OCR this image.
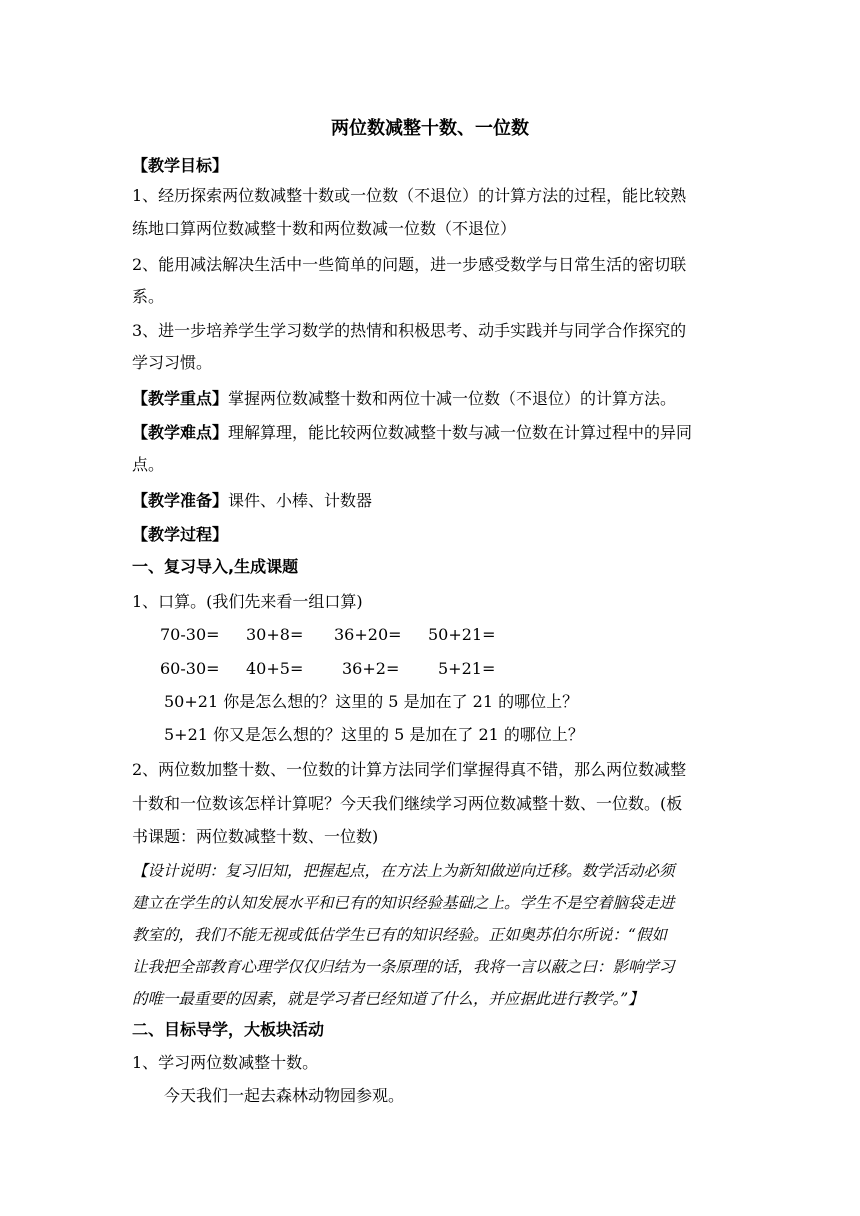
两位数减整十数、一位数
【教学目标】
1、经历探索两位数减整十数或一位数（不退位）的计算方法的过程，能比较熟
练地口算两位数减整十数和两位数减一位数（不退位）
2、能用减法解决生活中一些简单的问题，进一步感受数学与日常生活的密切联
系。
3、进一步培养学生学习数学的热情和积极思考、动手实践并与同学合作探究的
学习习惯。
【教学重点】掌握两位数减整十数和两位十减一位数（不退位）的计算方法。
【教学难点】理解算理，能比较两位数减整十数与减一位数在计算过程中的异同
点。
【教学准备】课件、小棒、计数器
【教学过程】
一、复习导入,生成课题
1、口算。(我们先来看一组口算)
70-30= 30+8= 36+20= 50+21=
60-30= 40+5= 36+2= 5+21=
50+21 你是怎么想的？这里的 5 是加在了 21 的哪位上？
5+21 你又是怎么想的？这里的 5 是加在了 21 的哪位上？
2、两位数加整十数、一位数的计算方法同学们掌握得真不错，那么两位数减整
十数和一位数该怎样计算呢？今天我们继续学习两位数减整十数、一位数。(板
书课题：两位数减整十数、一位数)
【设计说明：复习旧知，把握起点，在方法上为新知做逆向迁移。数学活动必须
建立在学生的认知发展水平和已有的知识经验基础之上。学生不是空着脑袋走进
教室的，我们不能无视或低估学生已有的知识经验。正如奥苏伯尔所说：“假如
让我把全部教育心理学仅仅归结为一条原理的话，我将一言以蔽之曰：影响学习
的唯一最重要的因素，就是学习者已经知道了什么，并应据此进行教学。”】
二、目标导学，大板块活动
1、学习两位数减整十数。
今天我们一起去森林动物园参观。
